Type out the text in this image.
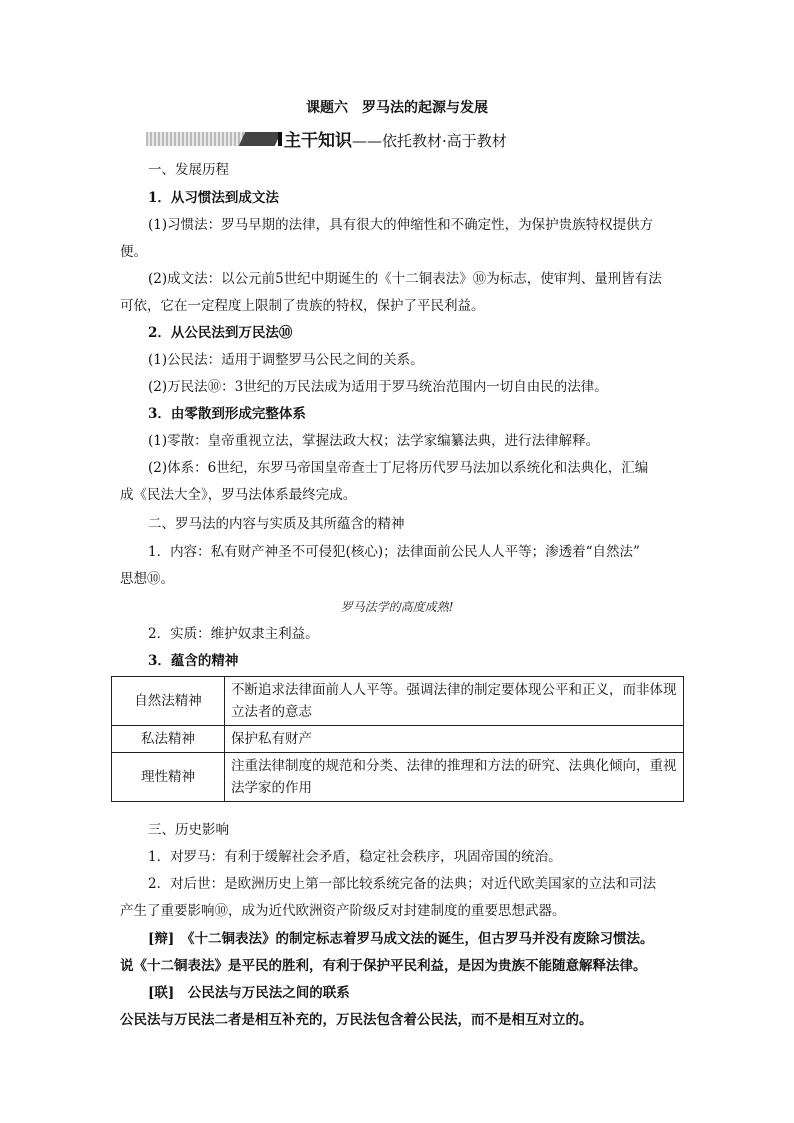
课题六　罗马法的起源与发展
主干知识——依托教材·高于教材
一、发展历程
1．从习惯法到成文法
(1)习惯法：罗马早期的法律，具有很大的伸缩性和不确定性，为保护贵族特权提供方
便。
(2)成文法：以公元前5世纪中期诞生的《十二铜表法》⑩为标志，使审判、量刑皆有法
可依，它在一定程度上限制了贵族的特权，保护了平民利益。
2．从公民法到万民法⑩
(1)公民法：适用于调整罗马公民之间的关系。
(2)万民法⑩：3世纪的万民法成为适用于罗马统治范围内一切自由民的法律。
3．由零散到形成完整体系
(1)零散：皇帝重视立法，掌握法政大权；法学家编纂法典，进行法律解释。
(2)体系：6世纪，东罗马帝国皇帝查士丁尼将历代罗马法加以系统化和法典化，汇编
成《民法大全》，罗马法体系最终完成。
二、罗马法的内容与实质及其所蕴含的精神
1．内容：私有财产神圣不可侵犯(核心)；法律面前公民人人平等；渗透着“自然法”
思想⑩。
罗马法学的高度成熟!
2．实质：维护奴隶主利益。
3．蕴含的精神
自然法精神	不断追求法律面前人人平等。强调法律的制定要体现公平和正义，而非体现立法者的意志
私法精神	保护私有财产
理性精神	注重法律制度的规范和分类、法律的推理和方法的研究、法典化倾向，重视法学家的作用
三、历史影响
1．对罗马：有利于缓解社会矛盾，稳定社会秩序，巩固帝国的统治。
2．对后世：是欧洲历史上第一部比较系统完备的法典；对近代欧美国家的立法和司法
产生了重要影响⑩，成为近代欧洲资产阶级反对封建制度的重要思想武器。
[辩]　《十二铜表法》的制定标志着罗马成文法的诞生，但古罗马并没有废除习惯法。
说《十二铜表法》是平民的胜利，有利于保护平民利益，是因为贵族不能随意解释法律。
[联]　公民法与万民法之间的联系
公民法与万民法二者是相互补充的，万民法包含着公民法，而不是相互对立的。
